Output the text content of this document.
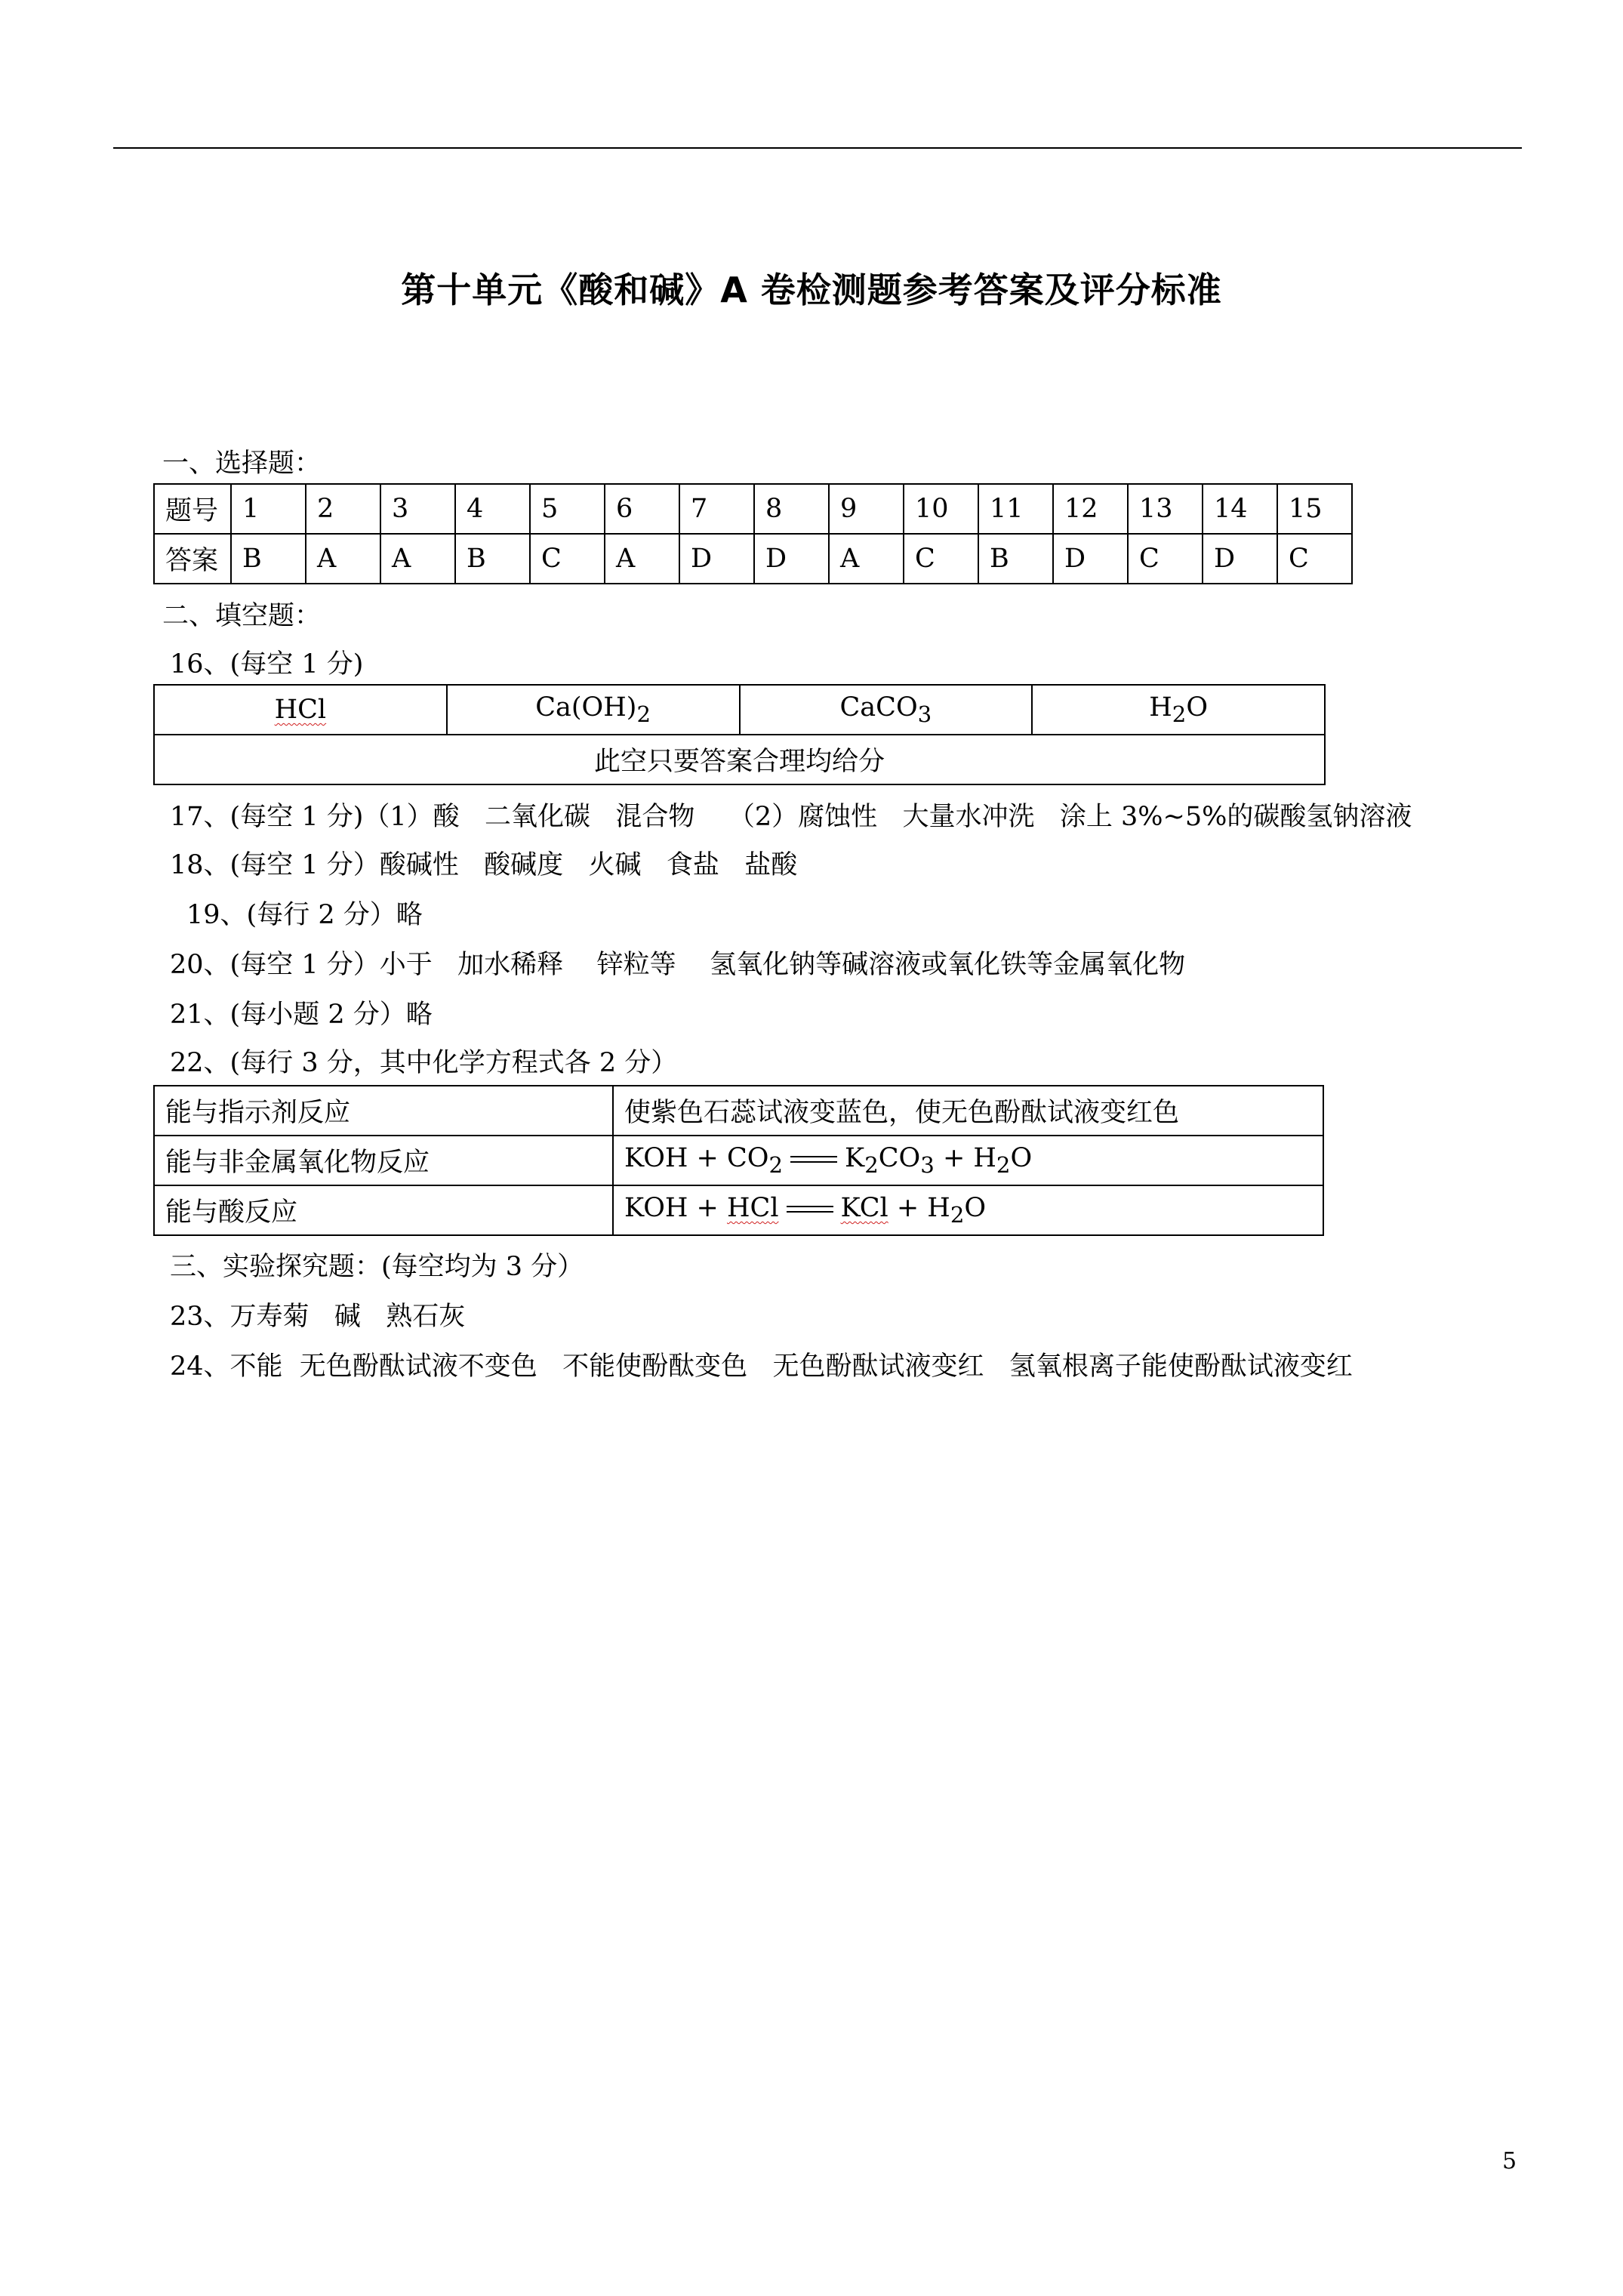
第十单元《酸和碱》A 卷检测题参考答案及评分标准
一、选择题：
题号	1	2	3	4	5	6	7	8	9	10	11	12	13	14	15
答案	B	A	A	B	C	A	D	D	A	C	B	D	C	D	C
二、填空题：
16、(每空 1 分)
HCl	$Ca(OH)_2$	CaCO$_3$	$H_2O$
此空只要答案合理均给分
17、(每空 1 分)（1）酸   二氧化碳   混合物    （2）腐蚀性   大量水冲洗   涂上 3%~5%的碳酸氢钠溶液
18、(每空 1 分）酸碱性   酸碱度   火碱   食盐   盐酸
19、(每行 2 分）略
20、(每空 1 分）小于   加水稀释    锌粒等    氢氧化钠等碱溶液或氧化铁等金属氧化物
21、(每小题 2 分）略
22、(每行 3 分，其中化学方程式各 2 分）
能与指示剂反应	使紫色石蕊试液变蓝色，使无色酚酞试液变红色
能与非金属氧化物反应	KOH + $CO_2$ $K_2CO_3 + H_2O$
能与酸反应	KOH + HCl KCl + $H_2O$
三、实验探究题：(每空均为 3 分）
23、万寿菊   碱   熟石灰
24、不能  无色酚酞试液不变色   不能使酚酞变色   无色酚酞试液变红   氢氧根离子能使酚酞试液变红
5
